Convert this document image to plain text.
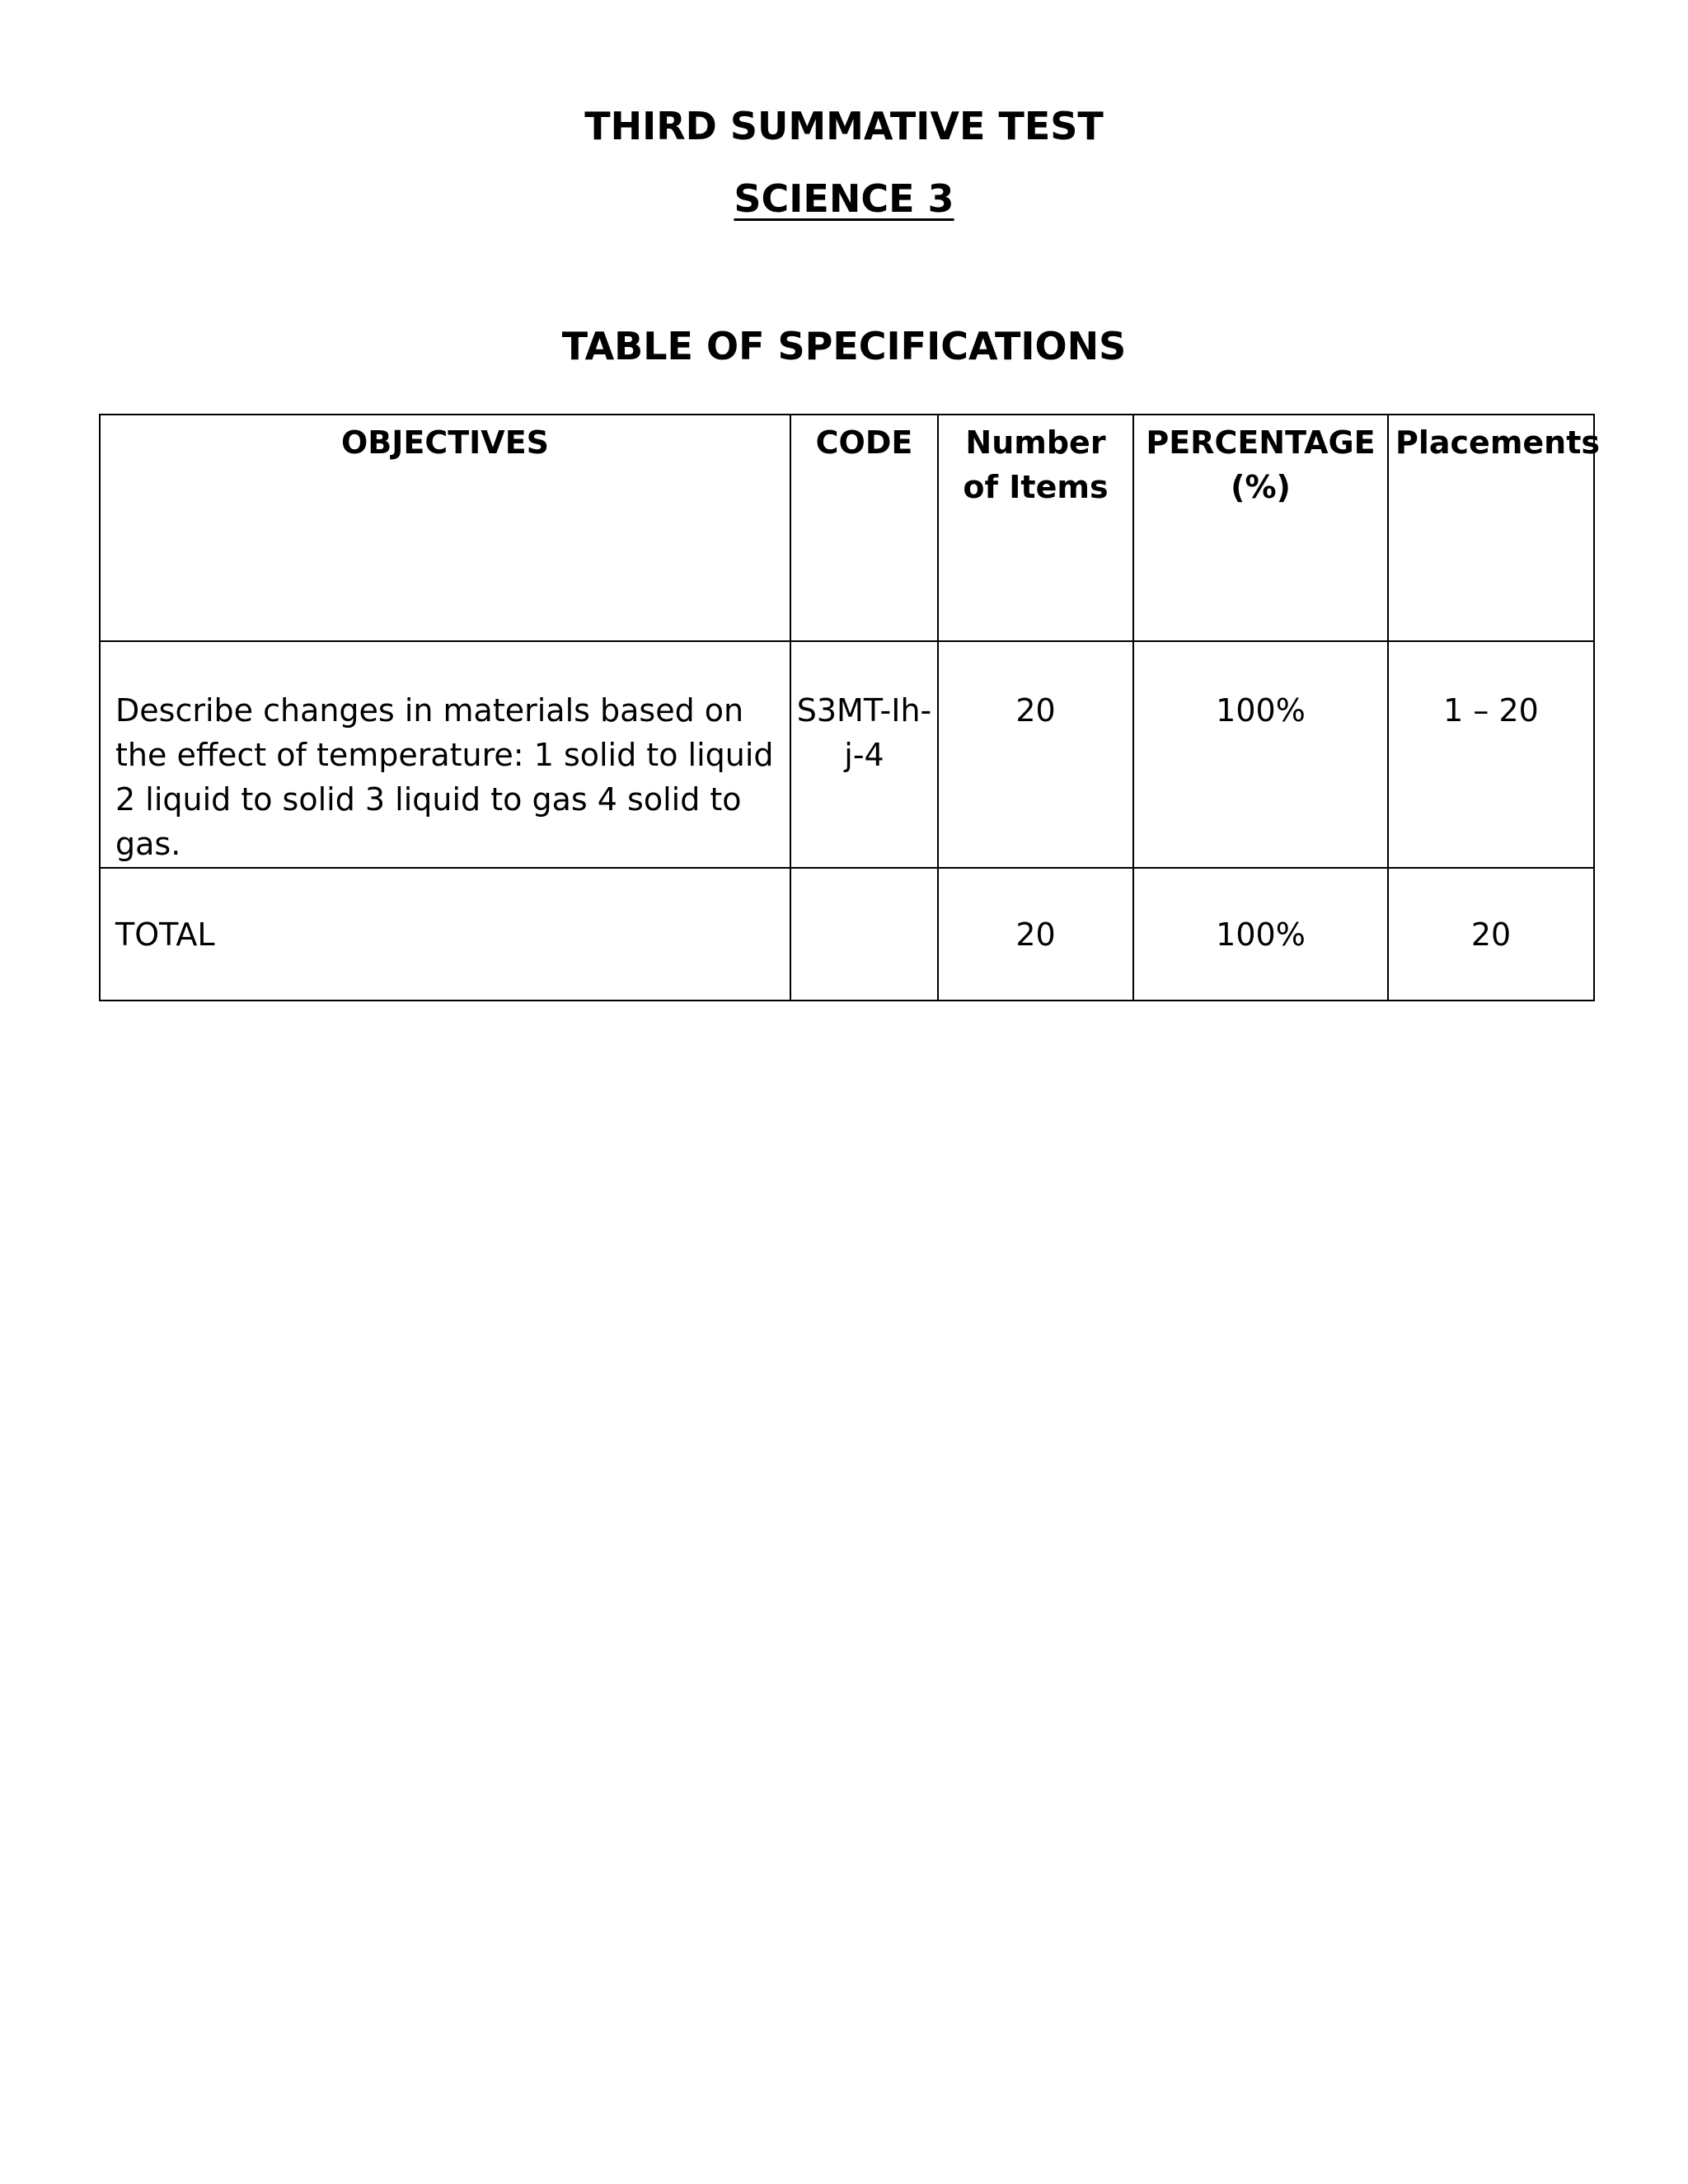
THIRD SUMMATIVE TEST
SCIENCE 3
TABLE OF SPECIFICATIONS
OBJECTIVES	CODE	Number of Items	PERCENTAGE (%)	Placements
Describe changes in materials based on the effect of temperature: 1 solid to liquid 2 liquid to solid 3 liquid to gas 4 solid to gas.	S3MT-Ih-j-4	20	100%	1 – 20
TOTAL		20	100%	20
